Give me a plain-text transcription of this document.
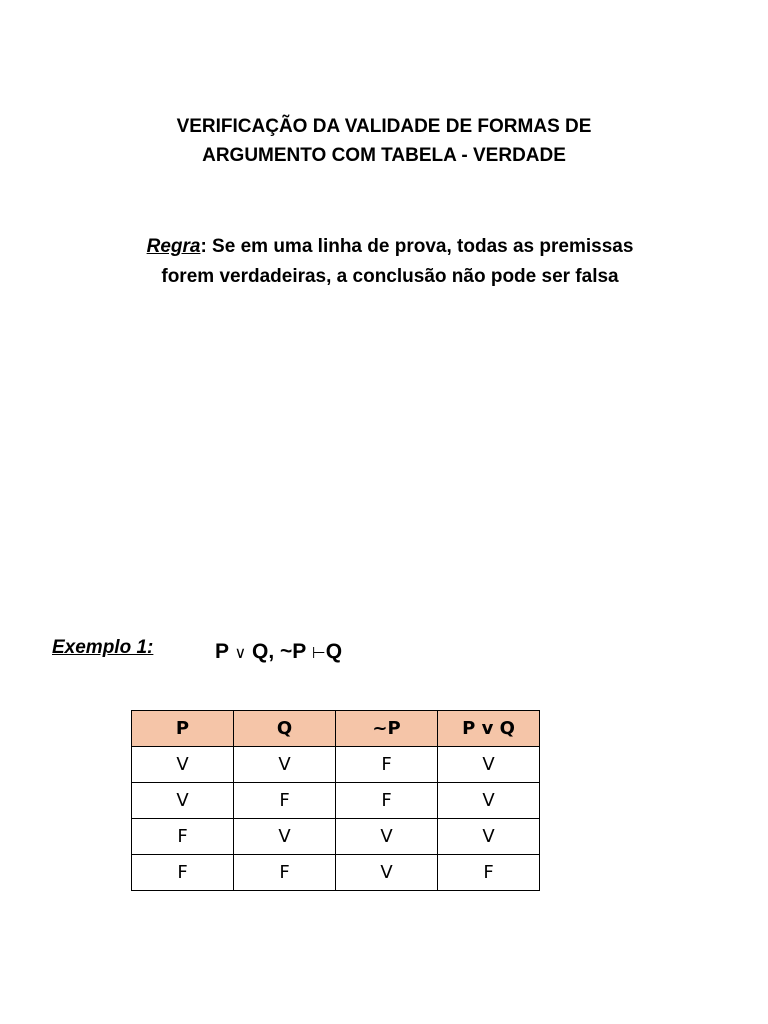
VERIFICAÇÃO DA VALIDADE DE FORMAS DE
ARGUMENTO COM TABELA - VERDADE
Regra: Se em uma linha de prova, todas as premissas
forem verdadeiras, a conclusão não pode ser falsa
Exemplo 1:	P ∨ Q, ~P ⊢Q
P	Q	~P	P v Q
V	V	F	V
V	F	F	V
F	V	V	V
F	F	V	F
